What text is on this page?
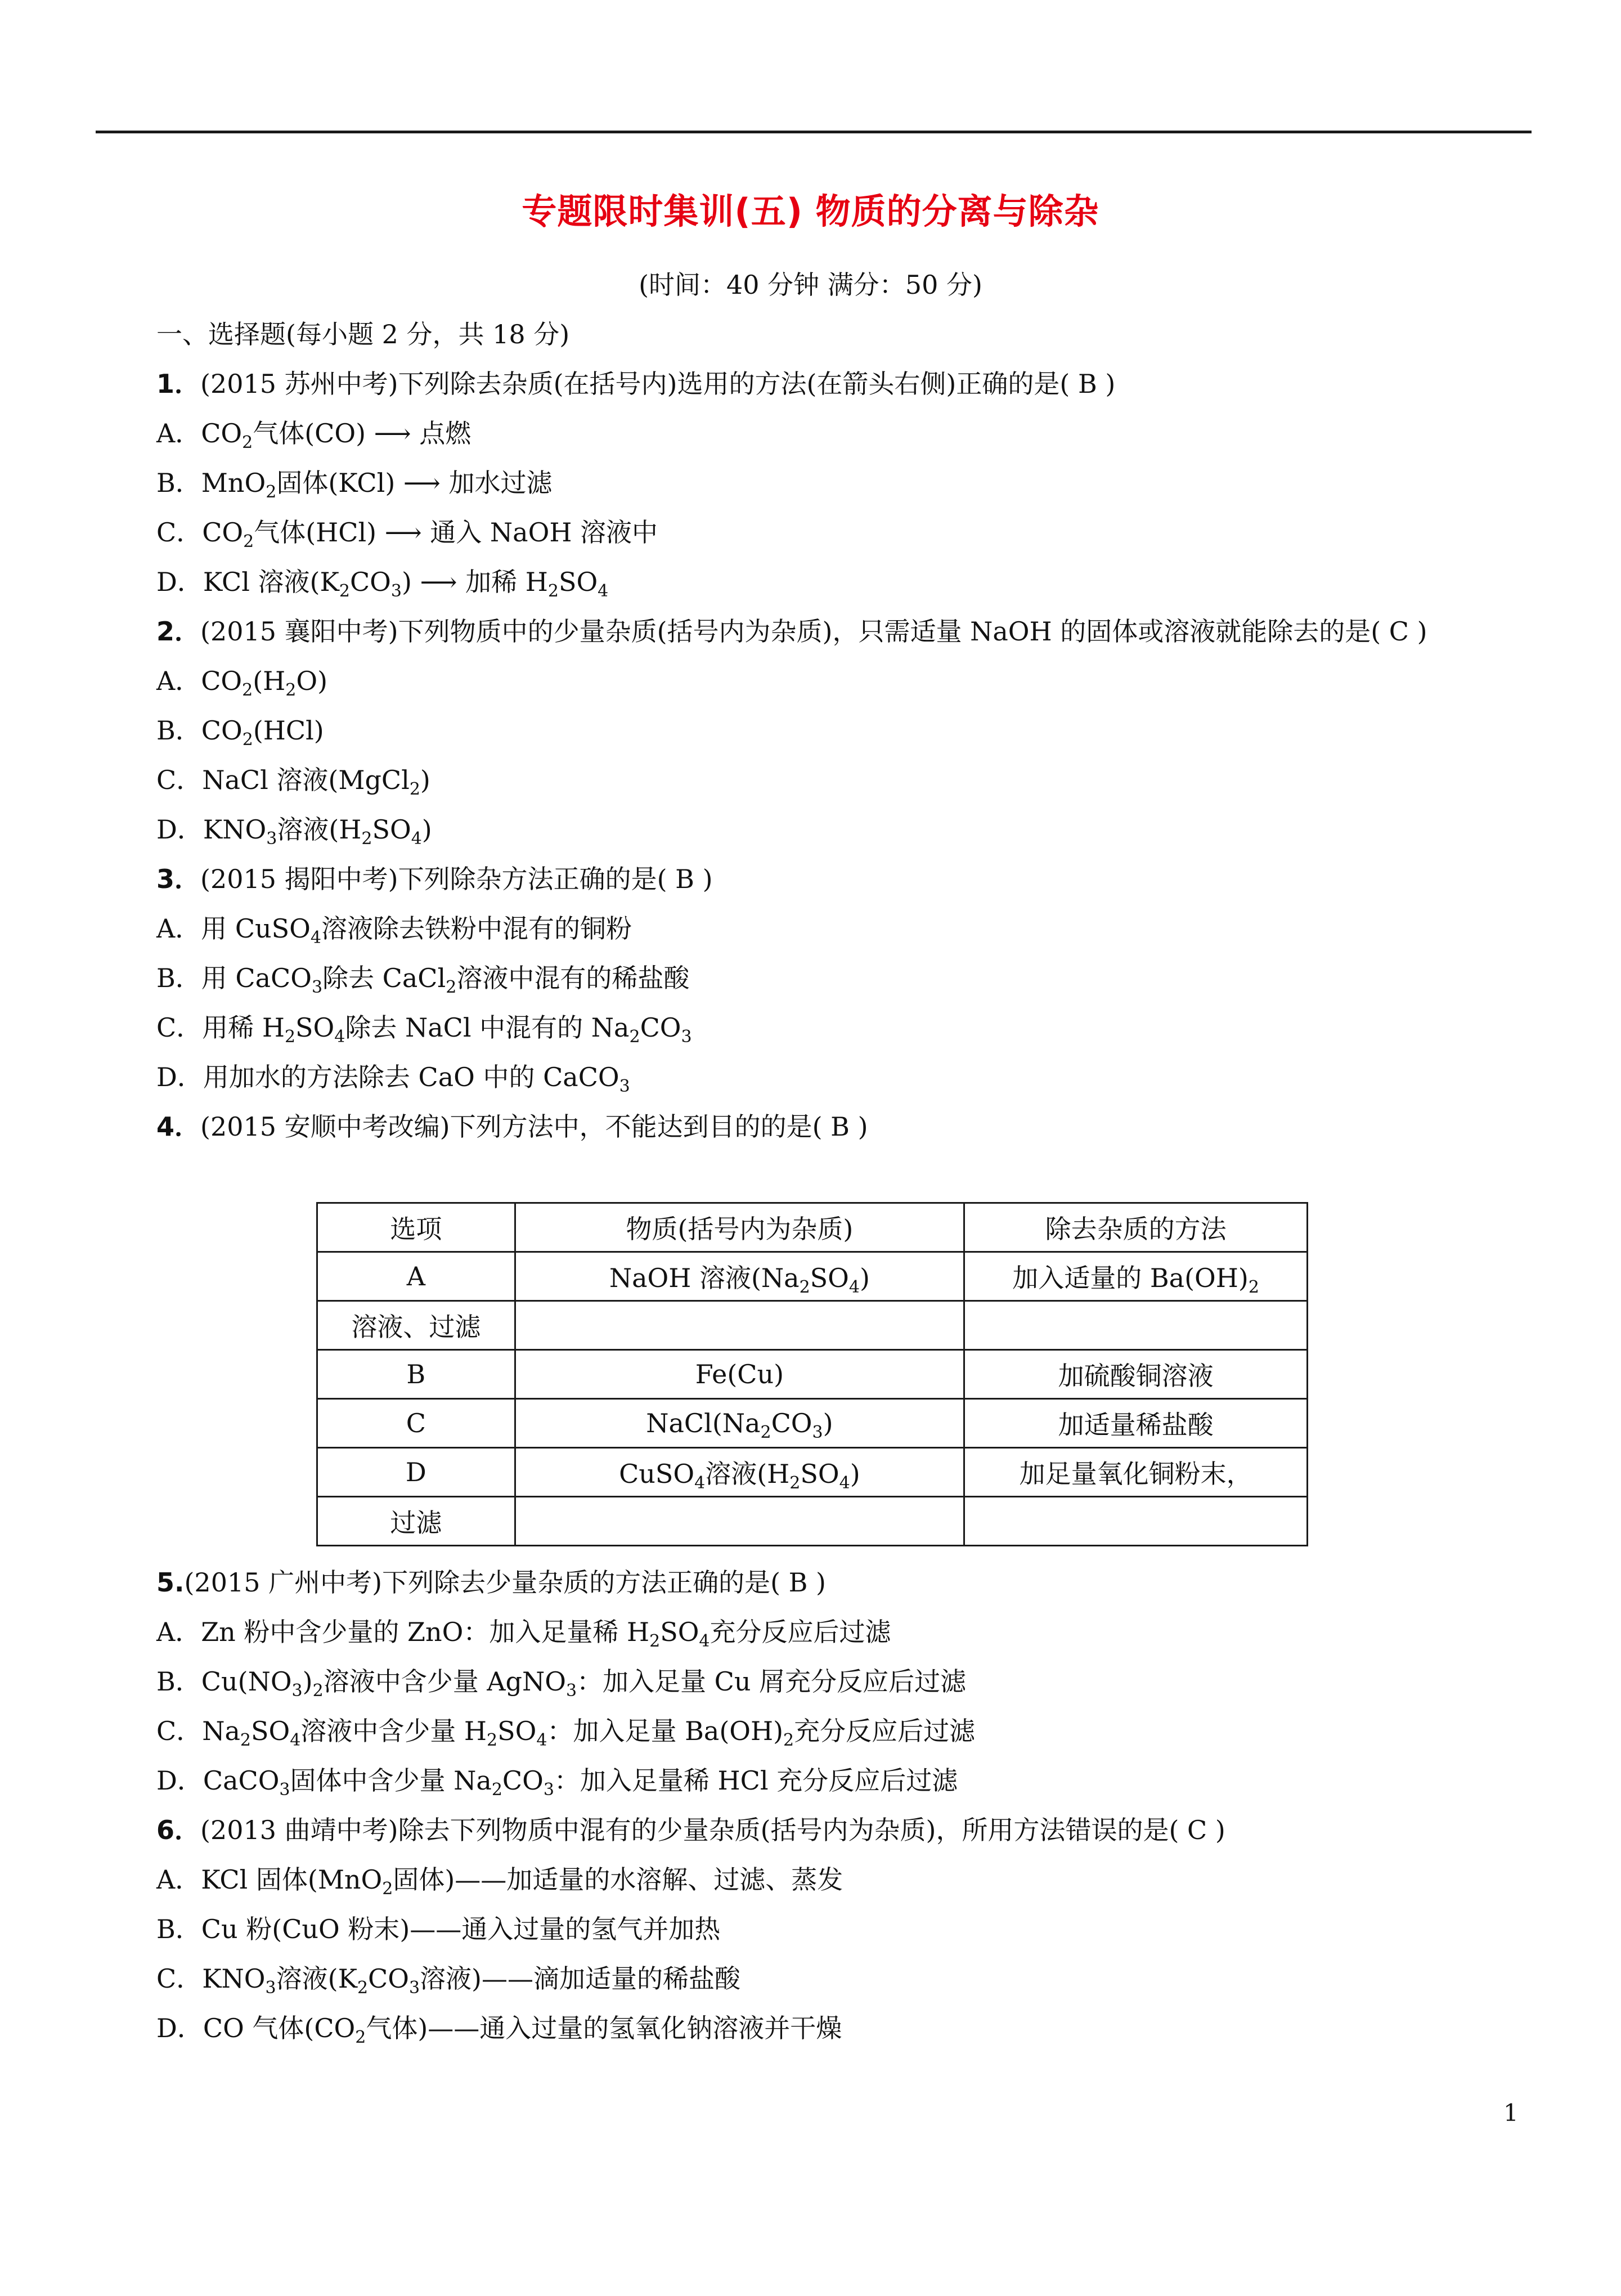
专题限时集训(五) 物质的分离与除杂
(时间：40 分钟 满分：50 分)
一、选择题(每小题 2 分，共 18 分)
1．(2015 苏州中考)下列除去杂质(在括号内)选用的方法(在箭头右侧)正确的是( B )
A．$CO_2$气体(CO) ⟶ 点燃
B．MnO$_2$固体(KCl) ⟶ 加水过滤
C．$CO_2$气体(HCl) ⟶ 通入 NaOH 溶液中
D．KCl 溶液$(K_2CO_3)$ ⟶ 加稀 $H_2SO_4$
2．(2015 襄阳中考)下列物质中的少量杂质(括号内为杂质)，只需适量 NaOH 的固体或溶液就能除去的是( C )
A．$CO_2(H_2O)$
B．$CO_2(HCl)$
C．NaCl 溶液(MgCl$_2$)
D．$KNO_3$溶液$(H_2SO_4)$
3．(2015 揭阳中考)下列除杂方法正确的是( B )
A．用 CuSO$_4$溶液除去铁粉中混有的铜粉
B．用 CaCO$_3$除去 CaCl$_2$溶液中混有的稀盐酸
C．用稀 $H_2SO_4$除去 NaCl 中混有的 $Na_2CO_3$
D．用加水的方法除去 CaO 中的 CaCO$_3$
4．(2015 安顺中考改编)下列方法中，不能达到目的的是( B )
选项	物质(括号内为杂质)	除去杂质的方法
A	NaOH 溶液$(Na_2SO_4)$	加入适量的 $Ba(OH)_2$
溶液、过滤		
B	Fe(Cu)	加硫酸铜溶液
C	$NaCl(Na_2CO_3)$	加适量稀盐酸
D	CuSO$_4$溶液$(H_2SO_4)$	加足量氧化铜粉末，
过滤		
5.(2015 广州中考)下列除去少量杂质的方法正确的是( B )
A．Zn 粉中含少量的 ZnO：加入足量稀 $H_2SO_4$充分反应后过滤
B．$Cu(NO_3)_2$溶液中含少量 AgNO$_3$：加入足量 Cu 屑充分反应后过滤
C．$Na_2SO_4$溶液中含少量 $H_2SO_4$：加入足量 $Ba(OH)_2$充分反应后过滤
D．CaCO$_3$固体中含少量 $Na_2CO_3$：加入足量稀 HCl 充分反应后过滤
6．(2013 曲靖中考)除去下列物质中混有的少量杂质(括号内为杂质)，所用方法错误的是( C )
A．KCl 固体(MnO$_2$固体)——加适量的水溶解、过滤、蒸发
B．Cu 粉(CuO 粉末)——通入过量的氢气并加热
C．$KNO_3$溶液($K_2CO_3$溶液)——滴加适量的稀盐酸
D．CO 气体($CO_2$气体)——通入过量的氢氧化钠溶液并干燥
1
